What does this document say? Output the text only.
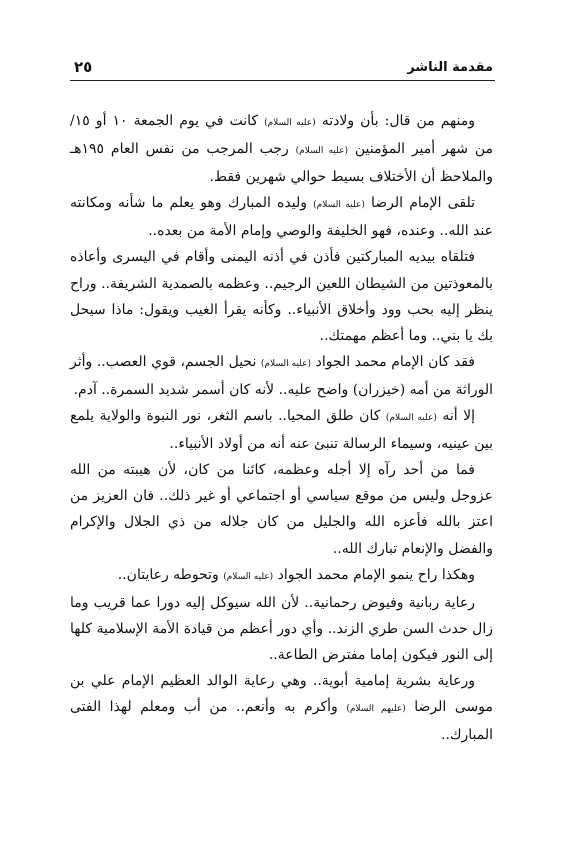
٢٥	مقدمة الناشر

ومنهم من قال: بأن ولادته (عليه السلام) كانت في يوم الجمعة ١٠ أو ١٥/ من شهر أمير المؤمنين (عليه السلام) رجب المرجب من نفس العام ١٩٥هـ والملاحظ أن الأختلاف بسيط حوالي شهرين فقط.

تلقى الإمام الرضا (عليه السلام) وليده المبارك وهو يعلم ما شأنه ومكانته عند الله.. وعنده، فهو الخليفة والوصي وإمام الأمة من بعده..

فتلقاه بيديه المباركتين فأذن في أذنه اليمنى وأقام في اليسرى وأعاذه بالمعوذتين من الشيطان اللعين الرجيم.. وعظمه بالصمدية الشريفة.. وراح ينظر إليه بحب وود وأخلاق الأنبياء.. وكأنه يقرأ الغيب ويقول: ماذا سيحل بك يا بني.. وما أعظم مهمتك..

فقد كان الإمام محمد الجواد (عليه السلام) نحيل الجسم، قوي العصب.. وأثر الوراثة من أمه (خيزران) واضح عليه.. لأنه كان أسمر شديد السمرة.. آدم.

إلا أنه (عليه السلام) كان طلق المحيا.. باسم الثغر، نور النبوة والولاية يلمع بين عينيه، وسيماء الرسالة تنبئ عنه أنه من أولاد الأنبياء..

فما من أحد رآه إلا أجله وعظمه، كائنا من كان، لأن هيبته من الله عزوجل وليس من موقع سياسي أو اجتماعي أو غير ذلك.. فان العزيز من اعتز بالله فأعزه الله والجليل من كان جلاله من ذي الجلال والإكرام والفضل والإنعام تبارك الله..

وهكذا راح ينمو الإمام محمد الجواد (عليه السلام) وتحوطه رعايتان..

رعاية ربانية وفيوض رحمانية.. لأن الله سيوكل إليه دورا عما قريب وما زال حدث السن طري الزند.. وأي دور أعظم من قيادة الأمة الإسلامية كلها إلى النور فيكون إماما مفترض الطاعة..

ورعاية بشرية إمامية أبوية.. وهي رعاية الوالد العظيم الإمام علي بن موسى الرضا (عليهم السلام) وأكرم به وأنعم.. من أب ومعلم لهذا الفتى المبارك..
